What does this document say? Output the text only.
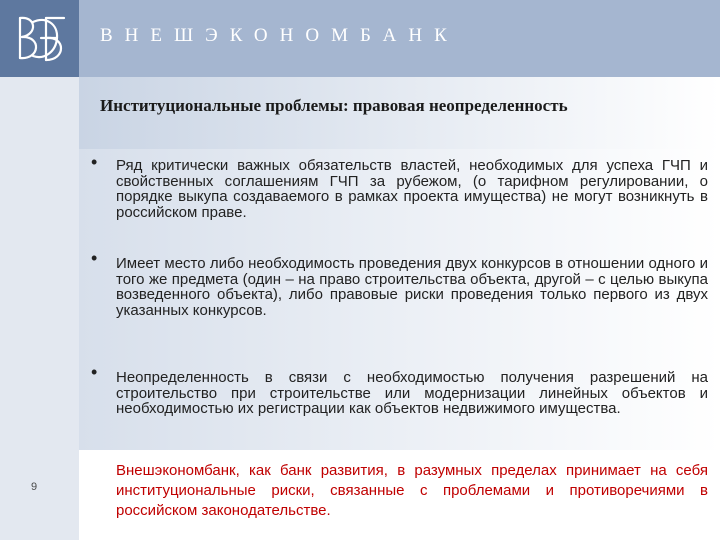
ВНЕШЭКОНОМБАНК
Институциональные проблемы: правовая неопределенность
• Ряд критически важных обязательств властей, необходимых для успеха ГЧП и свойственных соглашениям ГЧП за рубежом, (о тарифном регулировании, о порядке выкупа создаваемого в рамках проекта имущества) не могут возникнуть в российском праве.
• Имеет место либо необходимость проведения двух конкурсов в отношении одного и того же предмета (один – на право строительства объекта, другой – с целью выкупа возведенного объекта), либо правовые риски проведения только первого из двух указанных конкурсов.
• Неопределенность в связи с необходимостью получения разрешений на строительство при строительстве или модернизации линейных объектов и необходимостью их регистрации как объектов недвижимого имущества.
Внешэкономбанк, как банк развития, в разумных пределах принимает на себя институциональные риски, связанные с проблемами и противоречиями в российском законодательстве.
9
